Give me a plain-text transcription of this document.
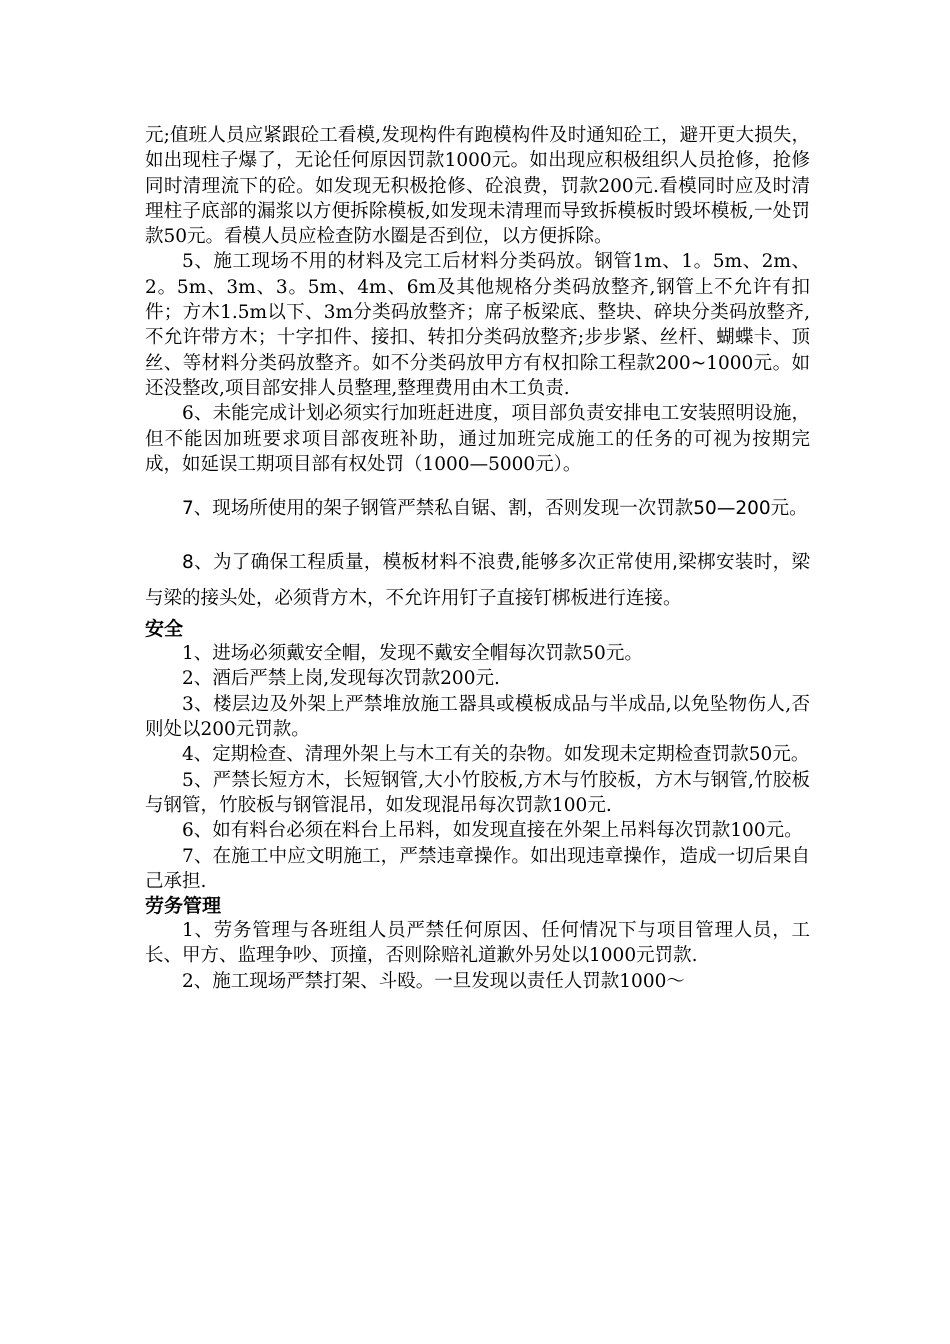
元;值班人员应紧跟砼工看模,发现构件有跑模构件及时通知砼工，避开更大损失，如出现柱子爆了，无论任何原因罚款1000元。如出现应积极组织人员抢修，抢修同时清理流下的砼。如发现无积极抢修、砼浪费，罚款200元.看模同时应及时清理柱子底部的漏浆以方便拆除模板,如发现未清理而导致拆模板时毁坏模板,一处罚款50元。看模人员应检查防水圈是否到位，以方便拆除。

5、施工现场不用的材料及完工后材料分类码放。钢管1m、1。5m、2m、2。5m、3m、3。5m、4m、6m及其他规格分类码放整齐,钢管上不允许有扣件；方木1.5m以下、3m分类码放整齐；席子板梁底、整块、碎块分类码放整齐,不允许带方木；十字扣件、接扣、转扣分类码放整齐;步步紧、丝杆、蝴蝶卡、顶丝、等材料分类码放整齐。如不分类码放甲方有权扣除工程款200~1000元。如还没整改,项目部安排人员整理,整理费用由木工负责.

6、未能完成计划必须实行加班赶进度，项目部负责安排电工安装照明设施，但不能因加班要求项目部夜班补助，通过加班完成施工的任务的可视为按期完成，如延误工期项目部有权处罚（1000—5000元）。

7、现场所使用的架子钢管严禁私自锯、割，否则发现一次罚款50—200元。

8、为了确保工程质量，模板材料不浪费,能够多次正常使用,梁梆安装时，梁与梁的接头处，必须背方木，不允许用钉子直接钉梆板进行连接。

安全

1、进场必须戴安全帽，发现不戴安全帽每次罚款50元。

2、酒后严禁上岗,发现每次罚款200元.

3、楼层边及外架上严禁堆放施工器具或模板成品与半成品,以免坠物伤人,否则处以200元罚款。

4、定期检查、清理外架上与木工有关的杂物。如发现未定期检查罚款50元。

5、严禁长短方木，长短钢管,大小竹胶板,方木与竹胶板，方木与钢管,竹胶板与钢管，竹胶板与钢管混吊，如发现混吊每次罚款100元.

6、如有料台必须在料台上吊料，如发现直接在外架上吊料每次罚款100元。

7、在施工中应文明施工，严禁违章操作。如出现违章操作，造成一切后果自己承担.

劳务管理

1、劳务管理与各班组人员严禁任何原因、任何情况下与项目管理人员，工长、甲方、监理争吵、顶撞，否则除赔礼道歉外另处以1000元罚款.

2、施工现场严禁打架、斗殴。一旦发现以责任人罚款1000～
